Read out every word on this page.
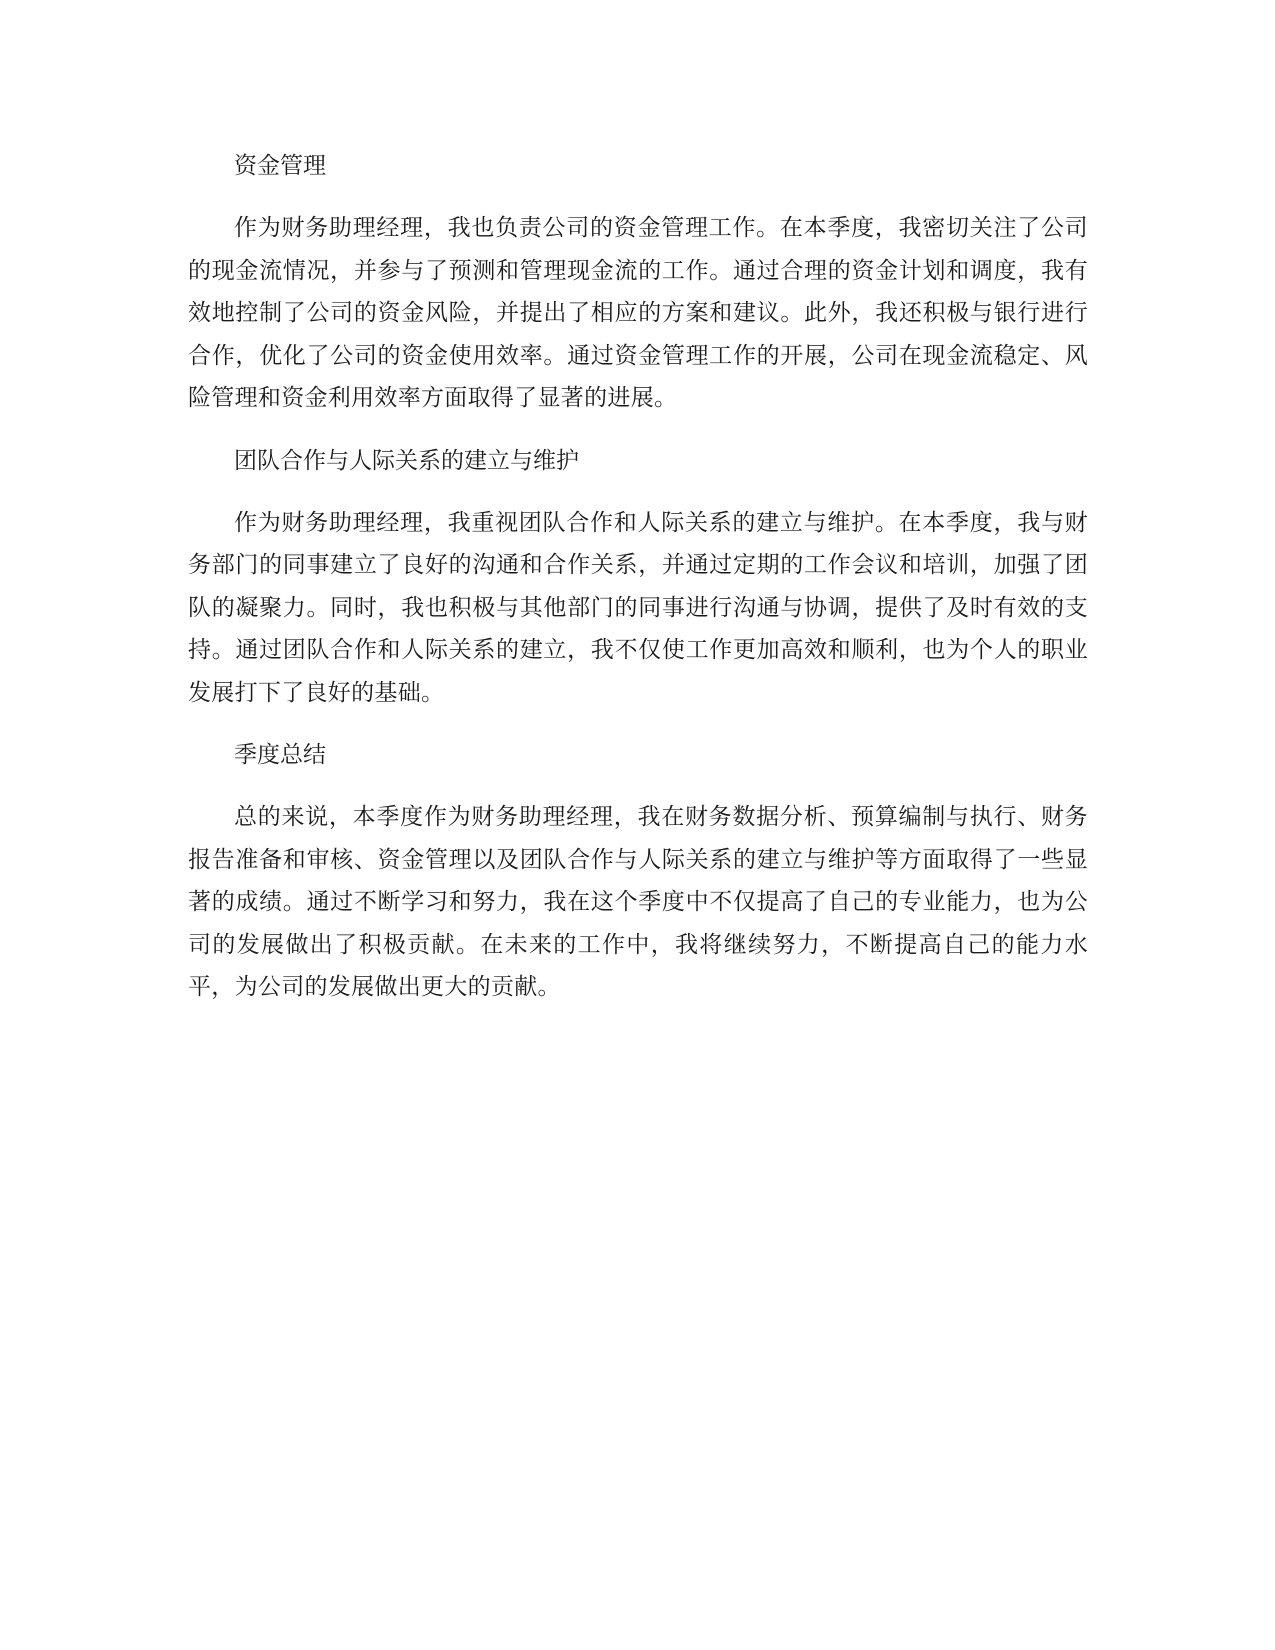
资金管理

作为财务助理经理，我也负责公司的资金管理工作。在本季度，我密切关注了公司的现金流情况，并参与了预测和管理现金流的工作。通过合理的资金计划和调度，我有效地控制了公司的资金风险，并提出了相应的方案和建议。此外，我还积极与银行进行合作，优化了公司的资金使用效率。通过资金管理工作的开展，公司在现金流稳定、风险管理和资金利用效率方面取得了显著的进展。

团队合作与人际关系的建立与维护

作为财务助理经理，我重视团队合作和人际关系的建立与维护。在本季度，我与财务部门的同事建立了良好的沟通和合作关系，并通过定期的工作会议和培训，加强了团队的凝聚力。同时，我也积极与其他部门的同事进行沟通与协调，提供了及时有效的支持。通过团队合作和人际关系的建立，我不仅使工作更加高效和顺利，也为个人的职业发展打下了良好的基础。

季度总结

总的来说，本季度作为财务助理经理，我在财务数据分析、预算编制与执行、财务报告准备和审核、资金管理以及团队合作与人际关系的建立与维护等方面取得了一些显著的成绩。通过不断学习和努力，我在这个季度中不仅提高了自己的专业能力，也为公司的发展做出了积极贡献。在未来的工作中，我将继续努力，不断提高自己的能力水平，为公司的发展做出更大的贡献。
